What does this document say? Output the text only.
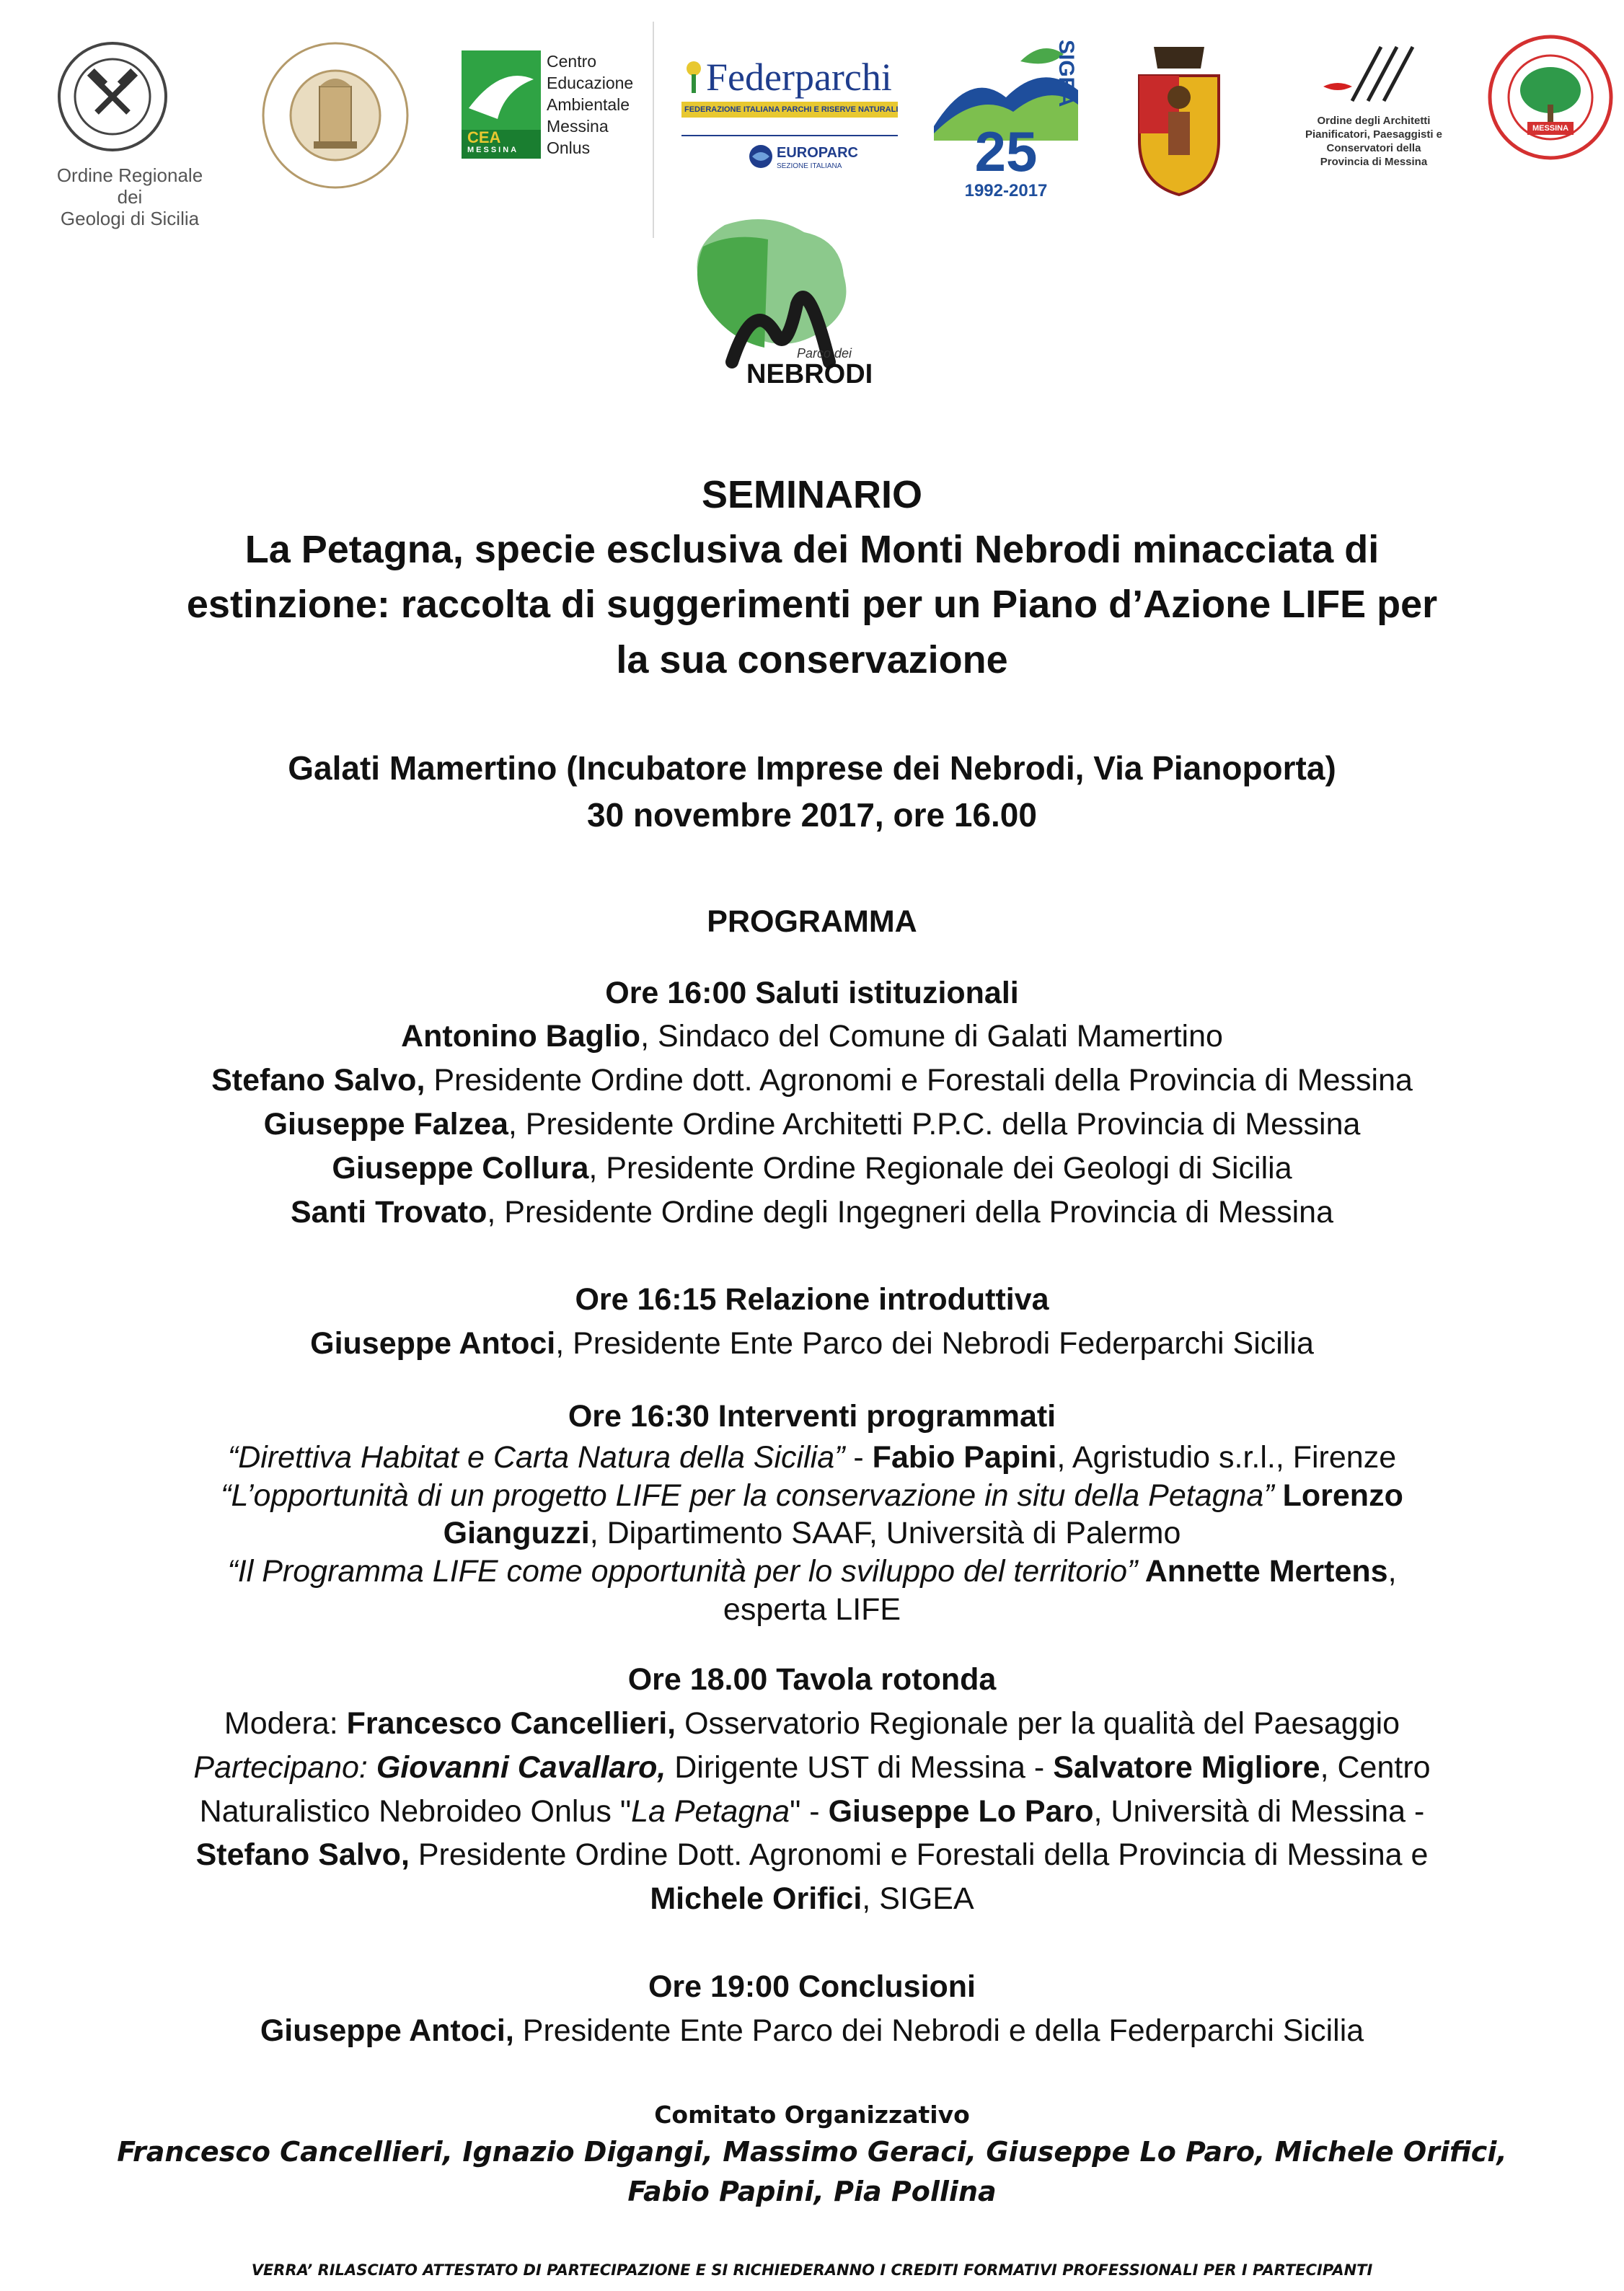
Ordine Regionale dei
Geologi di Sicilia
CEA
MESSINA
Centro
Educazione
Ambientale
Messina
Onlus
Federparchi
FEDERAZIONE ITALIANA PARCHI E RISERVE NATURALI
EUROPARC
SEZIONE ITALIANA
SIGEA
25
1992-2017
Ordine degli Architetti
Pianificatori, Paesaggisti e
Conservatori della
Provincia di Messina
MESSINA
Parco dei
NEBRODI
SEMINARIO
La Petagna, specie esclusiva dei Monti Nebrodi minacciata di
estinzione: raccolta di suggerimenti per un Piano d’Azione LIFE per
la sua conservazione
Galati Mamertino (Incubatore Imprese dei Nebrodi, Via Pianoporta)
30 novembre 2017, ore 16.00
PROGRAMMA
Ore 16:00 Saluti istituzionali
Antonino Baglio, Sindaco del Comune di Galati Mamertino
Stefano Salvo, Presidente Ordine dott. Agronomi e Forestali della Provincia di Messina
Giuseppe Falzea, Presidente Ordine Architetti P.P.C. della Provincia di Messina
Giuseppe Collura, Presidente Ordine Regionale dei Geologi di Sicilia
Santi Trovato, Presidente Ordine degli Ingegneri della Provincia di Messina
Ore 16:15 Relazione introduttiva
Giuseppe Antoci, Presidente Ente Parco dei Nebrodi Federparchi Sicilia
Ore 16:30 Interventi programmati
“Direttiva Habitat e Carta Natura della Sicilia” - Fabio Papini, Agristudio s.r.l., Firenze
“L’opportunità di un progetto LIFE per la conservazione in situ della Petagna” Lorenzo
Gianguzzi, Dipartimento SAAF, Università di Palermo
“Il Programma LIFE come opportunità per lo sviluppo del territorio” Annette Mertens,
esperta LIFE
Ore 18.00 Tavola rotonda
Modera: Francesco Cancellieri, Osservatorio Regionale per la qualità del Paesaggio
Partecipano: Giovanni Cavallaro, Dirigente UST di Messina - Salvatore Migliore, Centro
Naturalistico Nebroideo Onlus "La Petagna" - Giuseppe Lo Paro, Università di Messina -
Stefano Salvo, Presidente Ordine Dott. Agronomi e Forestali della Provincia di Messina e
Michele Orifici, SIGEA
Ore 19:00 Conclusioni
Giuseppe Antoci, Presidente Ente Parco dei Nebrodi e della Federparchi Sicilia
Comitato Organizzativo
Francesco Cancellieri, Ignazio Digangi, Massimo Geraci, Giuseppe Lo Paro, Michele Orifici,
Fabio Papini, Pia Pollina
VERRA’ RILASCIATO ATTESTATO DI PARTECIPAZIONE E SI RICHIEDERANNO I CREDITI FORMATIVI PROFESSIONALI PER I PARTECIPANTI
